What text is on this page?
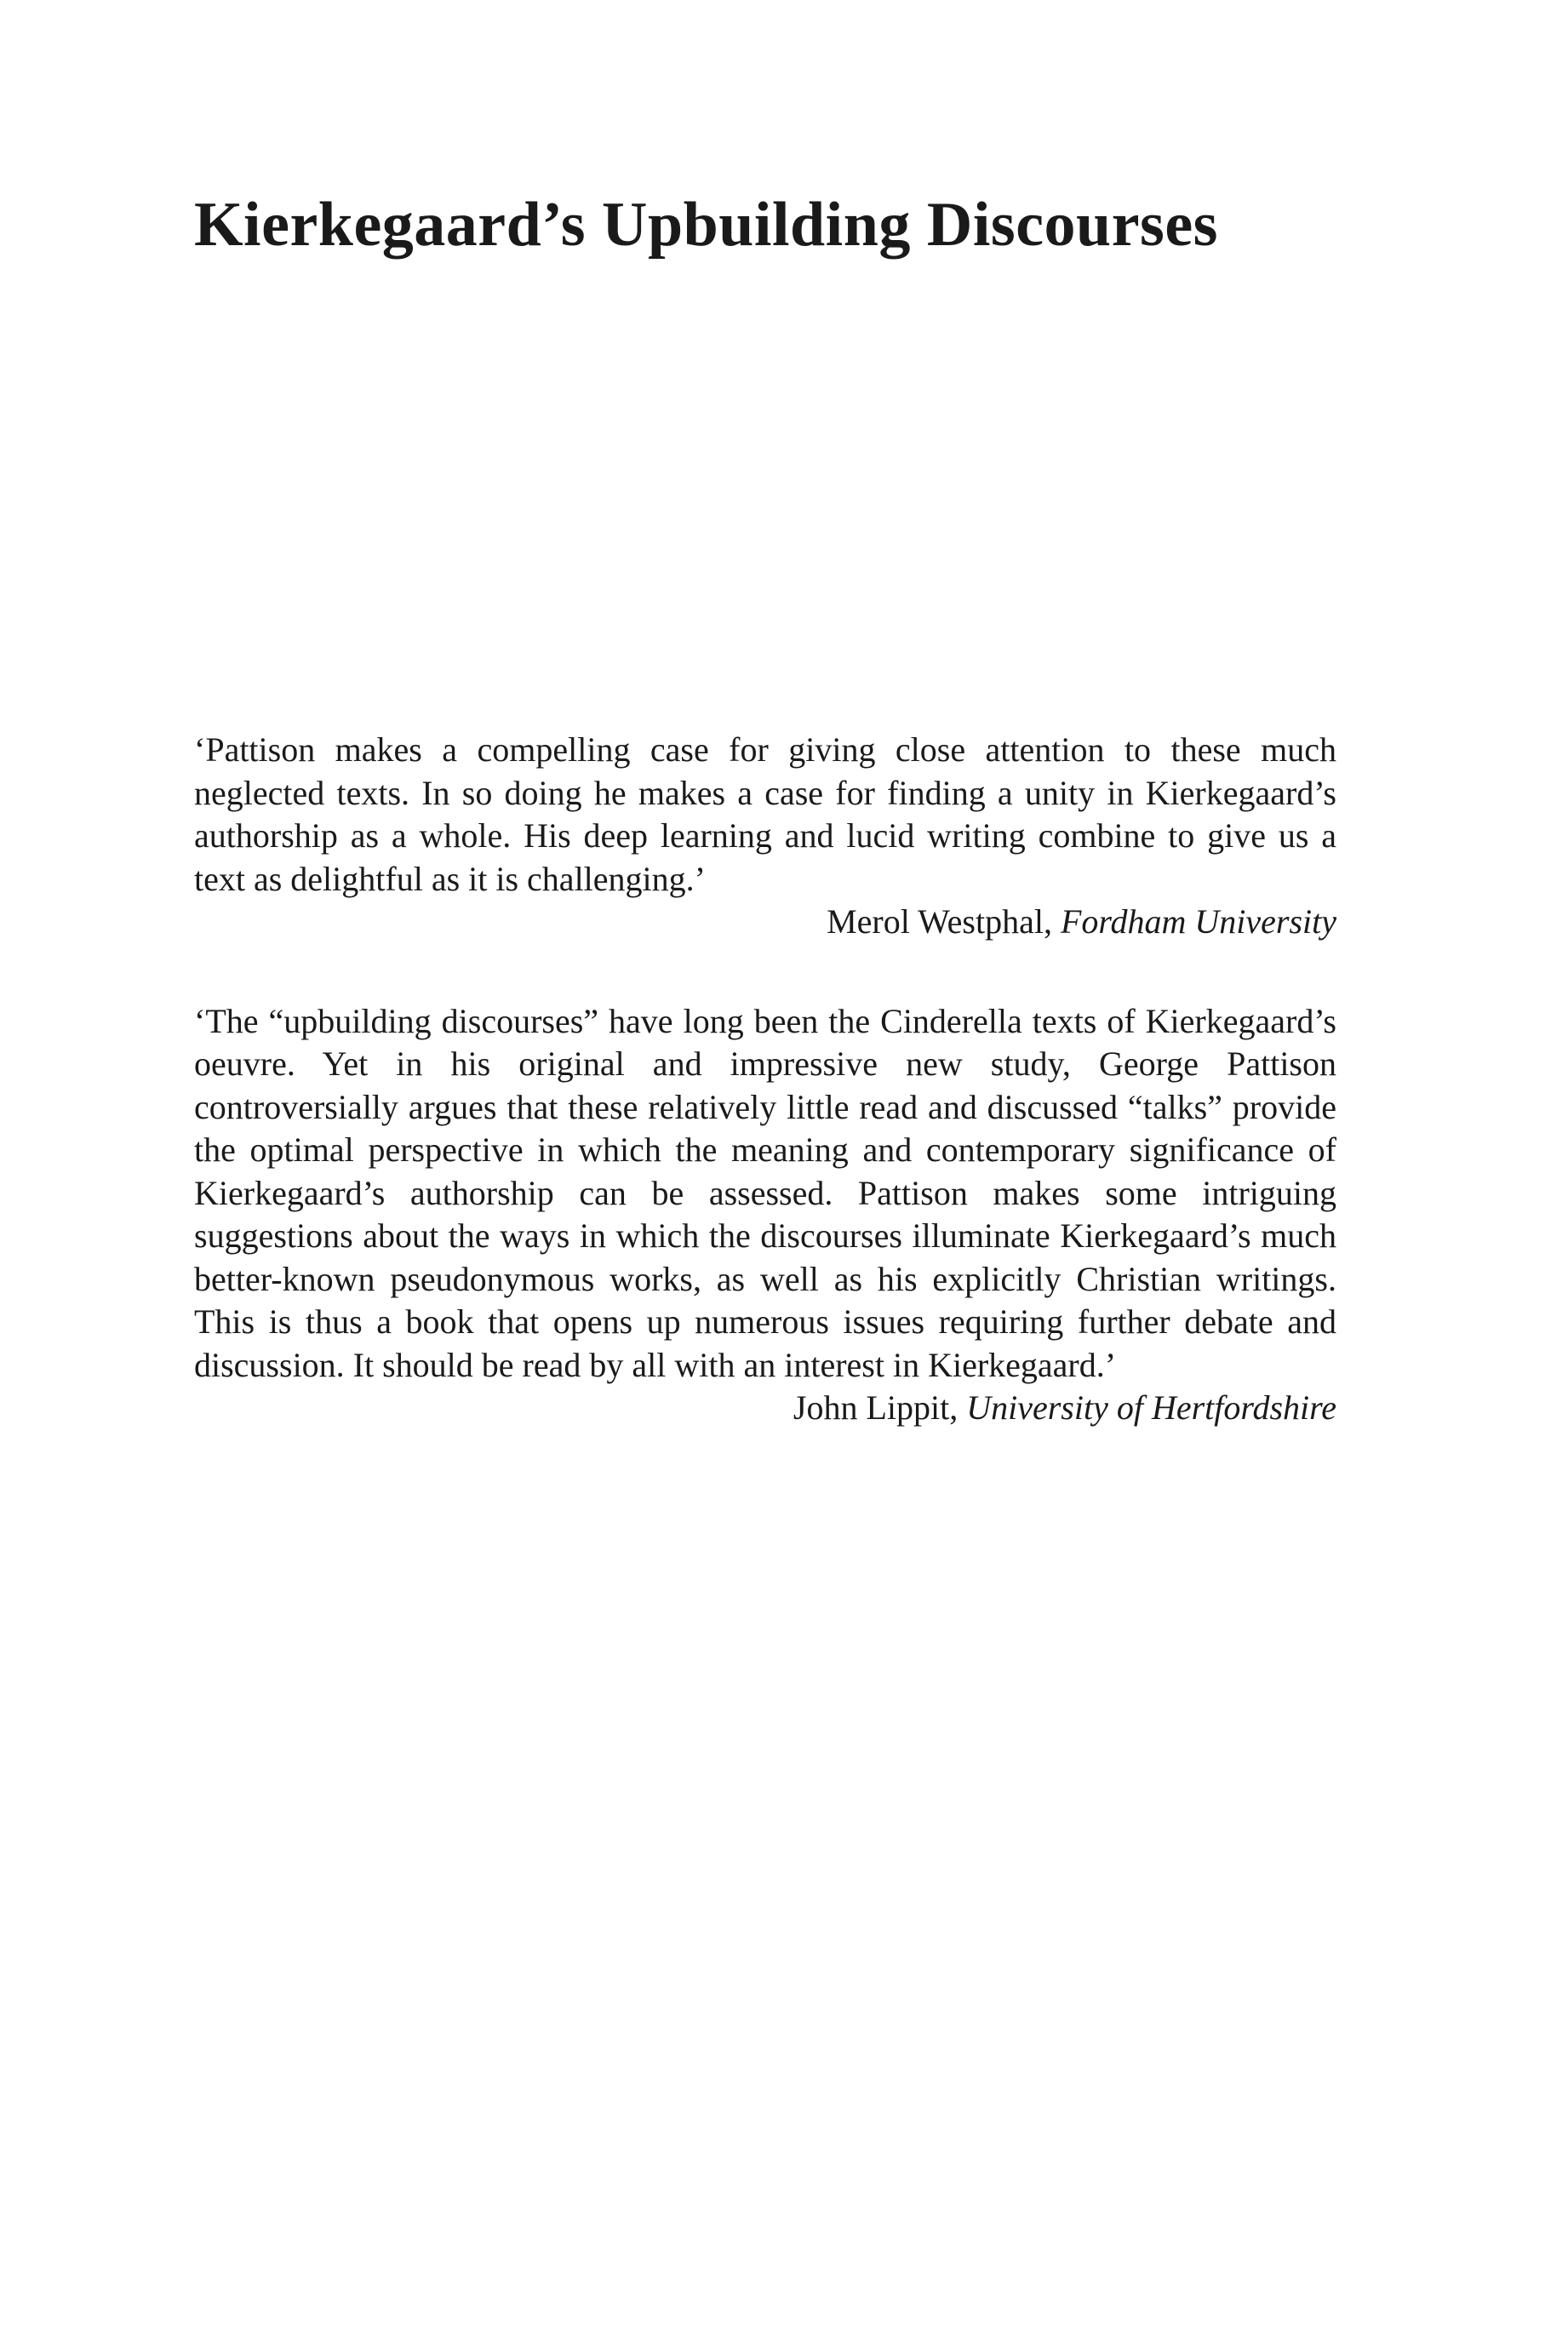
Kierkegaard’s Upbuilding Discourses

‘Pattison makes a compelling case for giving close attention to these much neglected texts. In so doing he makes a case for finding a unity in Kierkegaard’s authorship as a whole. His deep learning and lucid writing combine to give us a text as delightful as it is challenging.’

Merol Westphal, Fordham University

‘The “upbuilding discourses” have long been the Cinderella texts of Kierkegaard’s oeuvre. Yet in his original and impressive new study, George Pattison controversially argues that these relatively little read and discussed “talks” provide the optimal perspective in which the meaning and contemporary significance of Kierkegaard’s authorship can be assessed. Pattison makes some intriguing suggestions about the ways in which the discourses illuminate Kierkegaard’s much better-known pseudonymous works, as well as his explicitly Christian writings. This is thus a book that opens up numerous issues requiring further debate and discussion. It should be read by all with an interest in Kierkegaard.’

John Lippit, University of Hertfordshire
